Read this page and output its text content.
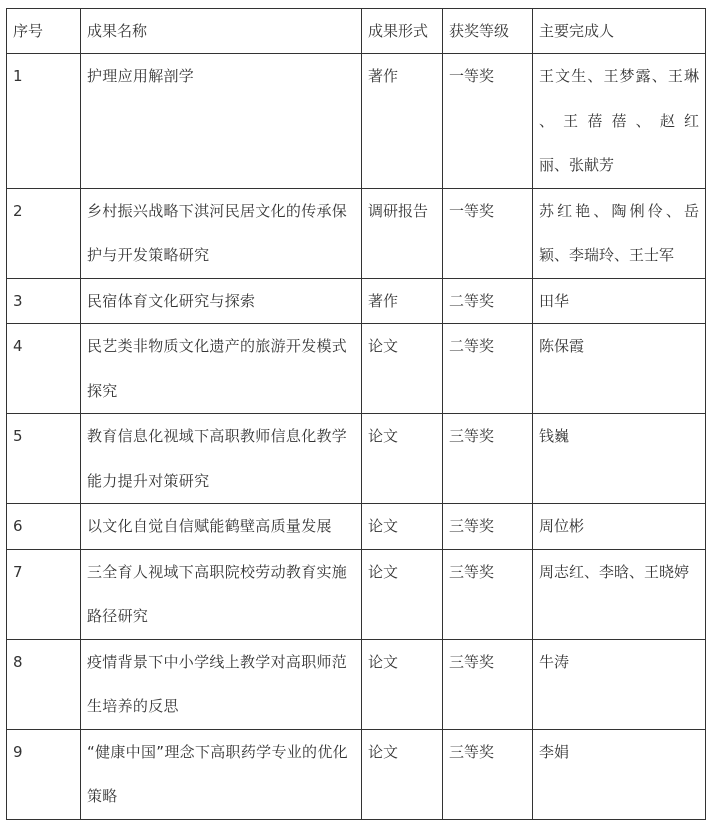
序号	成果名称	成果形式	获奖等级	主要完成人
1	护理应用解剖学	著作	一等奖	王文生、王梦露、王琳 、 王 蓓 蓓 、 赵 红 丽、张献芳
2	乡村振兴战略下淇河民居文化的传承保护与开发策略研究	调研报告	一等奖	苏红艳、陶俐伶、岳颖、李瑞玲、王士军
3	民宿体育文化研究与探索	著作	二等奖	田华
4	民艺类非物质文化遗产的旅游开发模式探究	论文	二等奖	陈保霞
5	教育信息化视域下高职教师信息化教学能力提升对策研究	论文	三等奖	钱巍
6	以文化自觉自信赋能鹤壁高质量发展	论文	三等奖	周位彬
7	三全育人视域下高职院校劳动教育实施路径研究	论文	三等奖	周志红、李晗、王晓婷
8	疫情背景下中小学线上教学对高职师范生培养的反思	论文	三等奖	牛涛
9	“健康中国”理念下高职药学专业的优化策略	论文	三等奖	李娟
